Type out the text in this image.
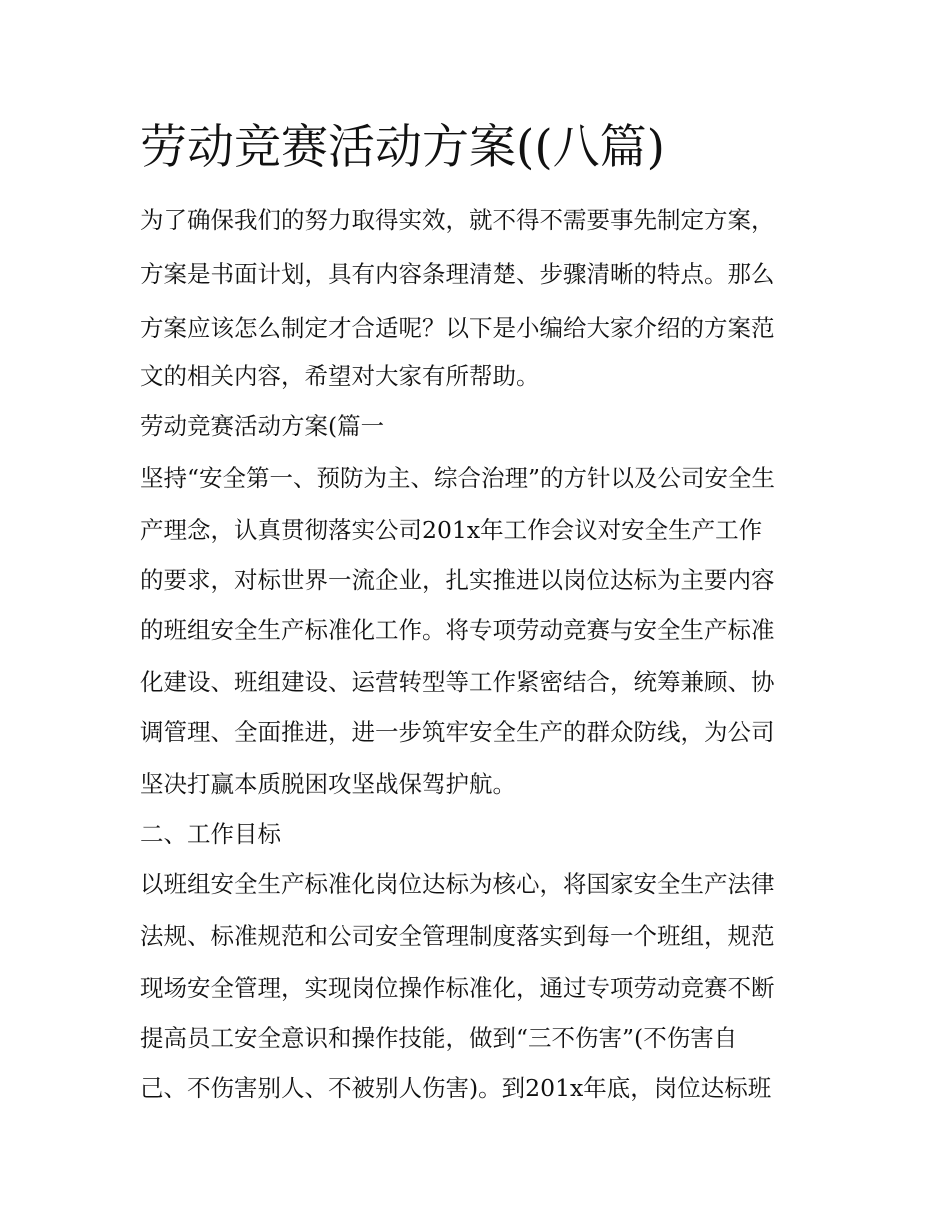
劳动竞赛活动方案((八篇)

为了确保我们的努力取得实效，就不得不需要事先制定方案，

方案是书面计划，具有内容条理清楚、步骤清晰的特点。那么

方案应该怎么制定才合适呢？以下是小编给大家介绍的方案范

文的相关内容，希望对大家有所帮助。

劳动竞赛活动方案(篇一

坚持“安全第一、预防为主、综合治理”的方针以及公司安全生

产理念，认真贯彻落实公司201x年工作会议对安全生产工作

的要求，对标世界一流企业，扎实推进以岗位达标为主要内容

的班组安全生产标准化工作。将专项劳动竞赛与安全生产标准

化建设、班组建设、运营转型等工作紧密结合，统筹兼顾、协

调管理、全面推进，进一步筑牢安全生产的群众防线，为公司

坚决打赢本质脱困攻坚战保驾护航。

二、工作目标

以班组安全生产标准化岗位达标为核心，将国家安全生产法律

法规、标准规范和公司安全管理制度落实到每一个班组，规范

现场安全管理，实现岗位操作标准化，通过专项劳动竞赛不断

提高员工安全意识和操作技能，做到“三不伤害”(不伤害自

己、不伤害别人、不被别人伤害)。到201x年底，岗位达标班
